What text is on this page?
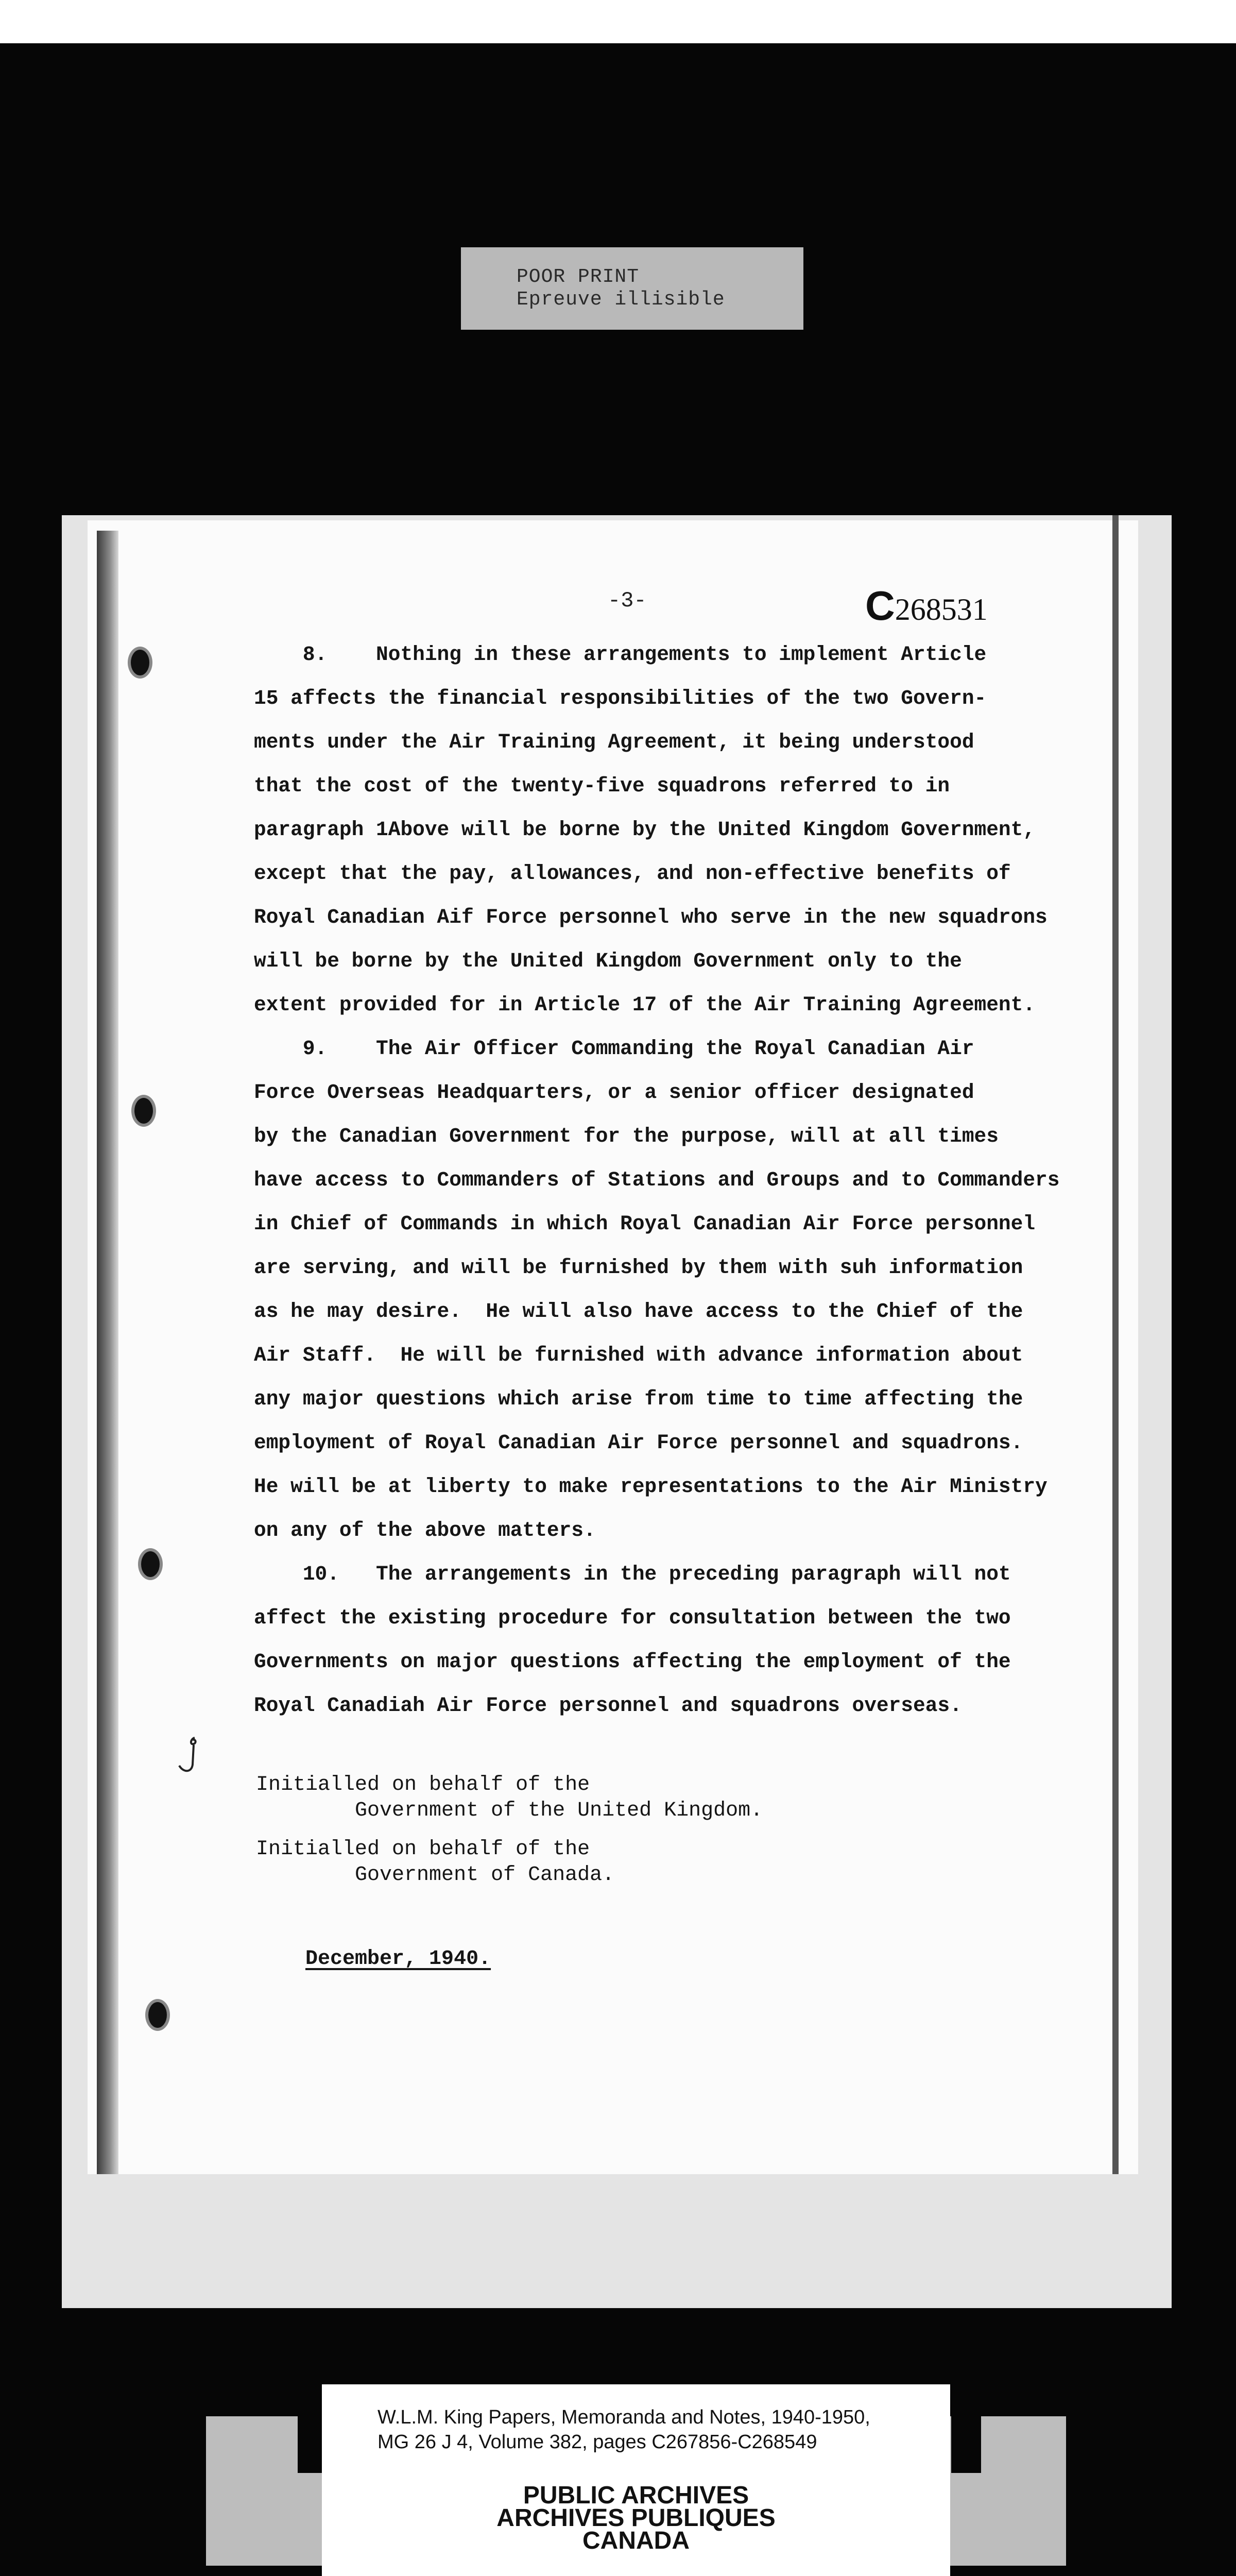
POOR PRINT
Epreuve illisible
-3-	C268531
8.    Nothing in these arrangements to implement Article
15 affects the financial responsibilities of the two Govern-
ments under the Air Training Agreement, it being understood
that the cost of the twenty-five squadrons referred to in
paragraph 1Above will be borne by the United Kingdom Government,
except that the pay, allowances, and non-effective benefits of
Royal Canadian Aif Force personnel who serve in the new squadrons
will be borne by the United Kingdom Government only to the
extent provided for in Article 17 of the Air Training Agreement.
9.    The Air Officer Commanding the Royal Canadian Air
Force Overseas Headquarters, or a senior officer designated
by the Canadian Government for the purpose, will at all times
have access to Commanders of Stations and Groups and to Commanders
in Chief of Commands in which Royal Canadian Air Force personnel
are serving, and will be furnished by them with suh information
as he may desire.  He will also have access to the Chief of the
Air Staff.  He will be furnished with advance information about
any major questions which arise from time to time affecting the
employment of Royal Canadian Air Force personnel and squadrons.
He will be at liberty to make representations to the Air Ministry
on any of the above matters.
10.   The arrangements in the preceding paragraph will not
affect the existing procedure for consultation between the two
Governments on major questions affecting the employment of the
Royal Canadiah Air Force personnel and squadrons overseas.
Initialled on behalf of the
Government of the United Kingdom.
Initialled on behalf of the
Government of Canada.
December, 1940.
W.L.M. King Papers, Memoranda and Notes, 1940-1950,
MG 26 J 4, Volume 382, pages C267856-C268549
PUBLIC ARCHIVES
ARCHIVES PUBLIQUES
CANADA
